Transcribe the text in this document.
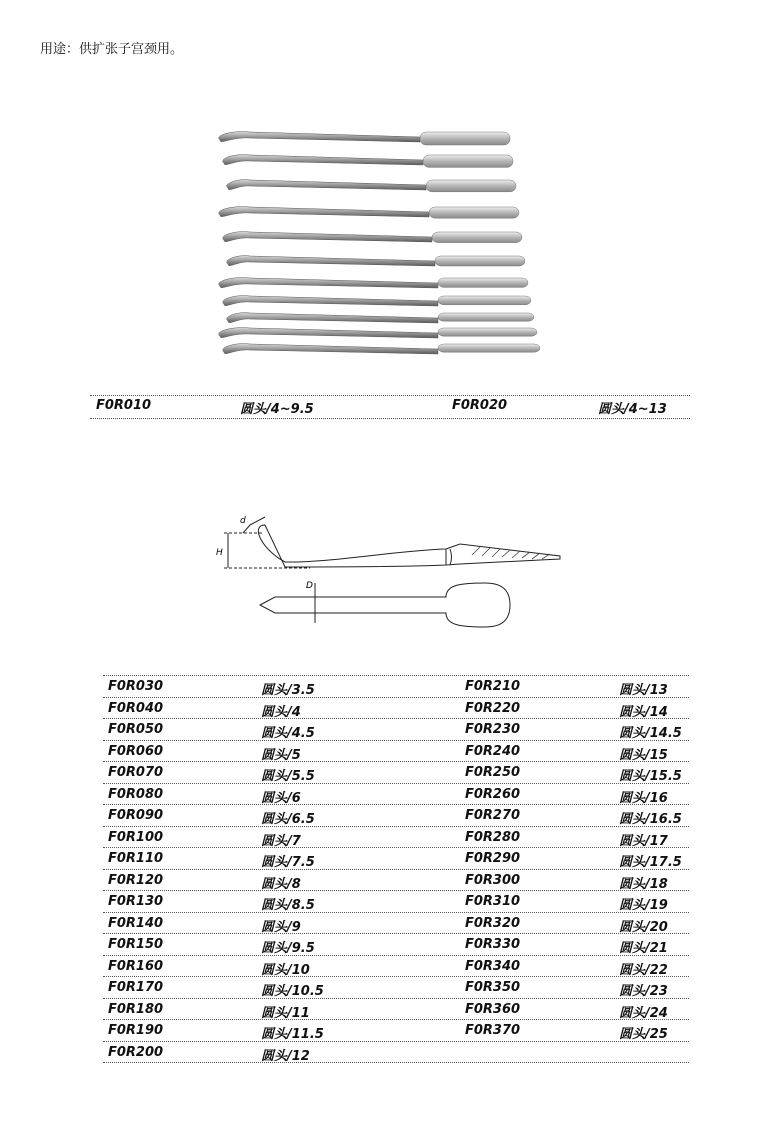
用途：供扩张子宫颈用。
F0R010	圆头/4~9.5	F0R020	圆头/4~13
d
H
D
F0R030	圆头/3.5	F0R210	圆头/13
F0R040	圆头/4	F0R220	圆头/14
F0R050	圆头/4.5	F0R230	圆头/14.5
F0R060	圆头/5	F0R240	圆头/15
F0R070	圆头/5.5	F0R250	圆头/15.5
F0R080	圆头/6	F0R260	圆头/16
F0R090	圆头/6.5	F0R270	圆头/16.5
F0R100	圆头/7	F0R280	圆头/17
F0R110	圆头/7.5	F0R290	圆头/17.5
F0R120	圆头/8	F0R300	圆头/18
F0R130	圆头/8.5	F0R310	圆头/19
F0R140	圆头/9	F0R320	圆头/20
F0R150	圆头/9.5	F0R330	圆头/21
F0R160	圆头/10	F0R340	圆头/22
F0R170	圆头/10.5	F0R350	圆头/23
F0R180	圆头/11	F0R360	圆头/24
F0R190	圆头/11.5	F0R370	圆头/25
F0R200	圆头/12
